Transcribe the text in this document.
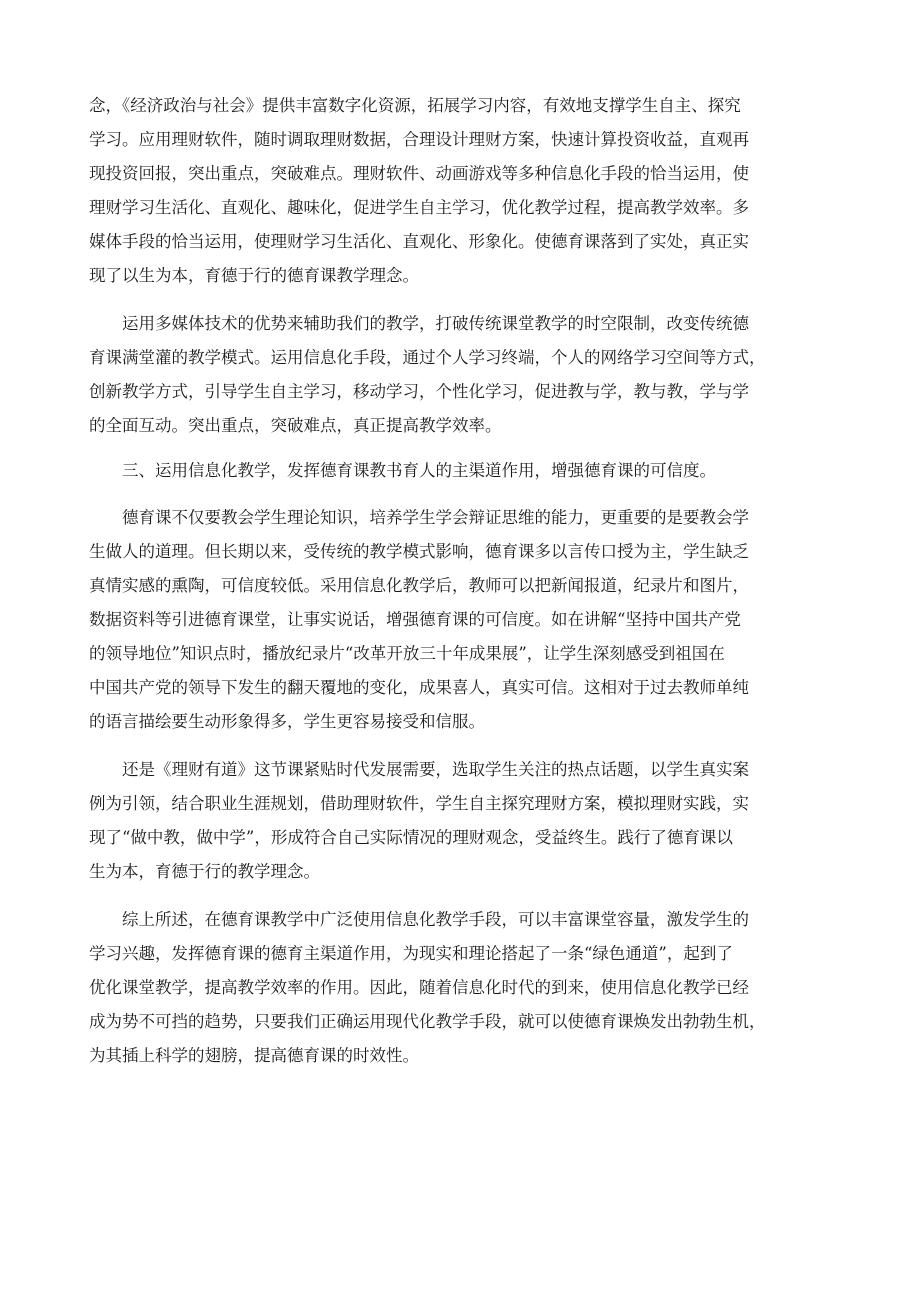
念，《经济政治与社会》提供丰富数字化资源，拓展学习内容，有效地支撑学生自主、探究
学习。应用理财软件，随时调取理财数据，合理设计理财方案，快速计算投资收益，直观再
现投资回报，突出重点，突破难点。理财软件、动画游戏等多种信息化手段的恰当运用，使
理财学习生活化、直观化、趣味化，促进学生自主学习，优化教学过程，提高教学效率。多
媒体手段的恰当运用，使理财学习生活化、直观化、形象化。使德育课落到了实处，真正实
现了以生为本，育德于行的德育课教学理念。
运用多媒体技术的优势来辅助我们的教学，打破传统课堂教学的时空限制，改变传统德
育课满堂灌的教学模式。运用信息化手段，通过个人学习终端，个人的网络学习空间等方式，
创新教学方式，引导学生自主学习，移动学习，个性化学习，促进教与学，教与教，学与学
的全面互动。突出重点，突破难点，真正提高教学效率。
三、运用信息化教学，发挥德育课教书育人的主渠道作用，增强德育课的可信度。
德育课不仅要教会学生理论知识，培养学生学会辩证思维的能力，更重要的是要教会学
生做人的道理。但长期以来，受传统的教学模式影响，德育课多以言传口授为主，学生缺乏
真情实感的熏陶，可信度较低。采用信息化教学后，教师可以把新闻报道，纪录片和图片，
数据资料等引进德育课堂，让事实说话，增强德育课的可信度。如在讲解“坚持中国共产党
的领导地位”知识点时，播放纪录片“改革开放三十年成果展”，让学生深刻感受到祖国在
中国共产党的领导下发生的翻天覆地的变化，成果喜人，真实可信。这相对于过去教师单纯
的语言描绘要生动形象得多，学生更容易接受和信服。
还是《理财有道》这节课紧贴时代发展需要，选取学生关注的热点话题，以学生真实案
例为引领，结合职业生涯规划，借助理财软件，学生自主探究理财方案，模拟理财实践，实
现了“做中教，做中学”，形成符合自己实际情况的理财观念，受益终生。践行了德育课以
生为本，育德于行的教学理念。
综上所述，在德育课教学中广泛使用信息化教学手段，可以丰富课堂容量，激发学生的
学习兴趣，发挥德育课的德育主渠道作用，为现实和理论搭起了一条“绿色通道”，起到了
优化课堂教学，提高教学效率的作用。因此，随着信息化时代的到来，使用信息化教学已经
成为势不可挡的趋势，只要我们正确运用现代化教学手段，就可以使德育课焕发出勃勃生机，
为其插上科学的翅膀，提高德育课的时效性。
